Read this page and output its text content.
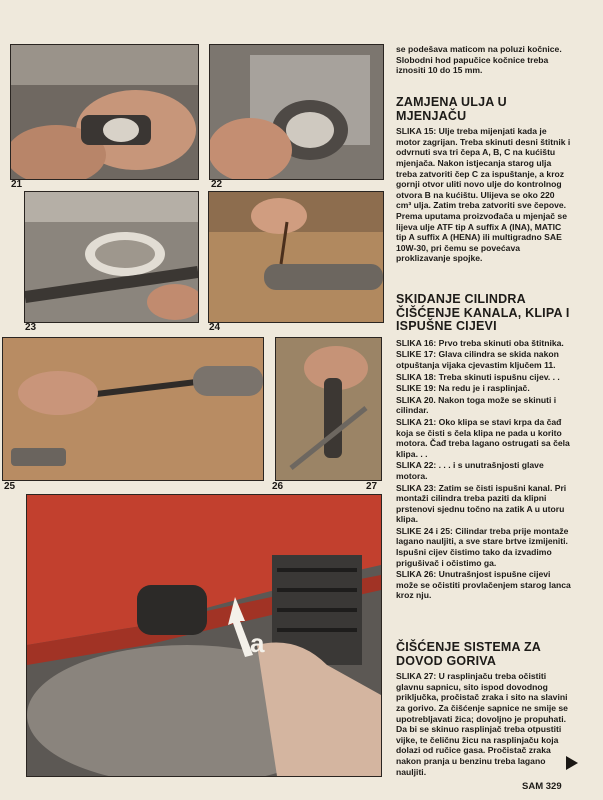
21	22
23	24
25	26	27
a

se podešava maticom na poluzi kočnice. Slobodni hod papučice kočnice treba iznositi 10 do 15 mm.

ZAMJENA ULJA U MJENJAČU

SLIKA 15: Ulje treba mijenjati kada je motor zagrijan. Treba skinuti desni štitnik i odvrnuti sva tri čepa A, B, C na kućištu mjenjača. Nakon istjecanja starog ulja treba zatvoriti čep C za ispuštanje, a kroz gornji otvor uliti novo ulje do kontrolnog otvora B na kućištu. Ulijeva se oko 220 cm³ ulja. Zatim treba zatvoriti sve čepove. Prema uputama proizvođača u mjenjač se lijeva ulje ATF tip A suffix A (INA), MATIC tip A suffix A (HENA) ili multigradno SAE 10W-30, pri čemu se povećava proklizavanje spojke.

SKIDANJE CILINDRA ČIŠĆENJE KANALA, KLIPA I ISPUŠNE CIJEVI

SLIKA 16: Prvo treba skinuti oba štitnika.

SLIKE 17: Glava cilindra se skida nakon otpuštanja vijaka cjevastim ključem 11.

SLIKA 18: Treba skinuti ispušnu cijev. . .

SLIKE 19: Na redu je i rasplinjač.

SLIKA 20. Nakon toga može se skinuti i cilindar.

SLIKA 21: Oko klipa se stavi krpa da čađ koja se čisti s čela klipa ne pada u korito motora. Čađ treba lagano ostrugati sa čela klipa. . .

SLIKA 22: . . . i s unutrašnjosti glave motora.

SLIKA 23: Zatim se čisti ispušni kanal. Pri montaži cilindra treba paziti da klipni prstenovi sjednu točno na zatik A u utoru klipa.

SLIKE 24 i 25: Cilindar treba prije montaže lagano nauljiti, a sve stare brtve izmijeniti. Ispušni cijev čistimo tako da izvadimo prigušivač i očistimo ga.

SLIKA 26: Unutrašnjost ispušne cijevi može se očistiti provlačenjem starog lanca kroz nju.

ČIŠĆENJE SISTEMA ZA DOVOD GORIVA

SLIKA 27: U rasplinjaču treba očistiti glavnu sapnicu, sito ispod dovodnog priključka, pročistač zraka i sito na slavini za gorivo. Za čišćenje sapnice ne smije se upotrebljavati žica; dovoljno je propuhati. Da bi se skinuo rasplinjač treba otpustiti vijke, te čeličnu žicu na rasplinjaču koja dolazi od ručice gasa. Pročistač zraka nakon pranja u benzinu treba lagano nauljiti.

SAM 329
